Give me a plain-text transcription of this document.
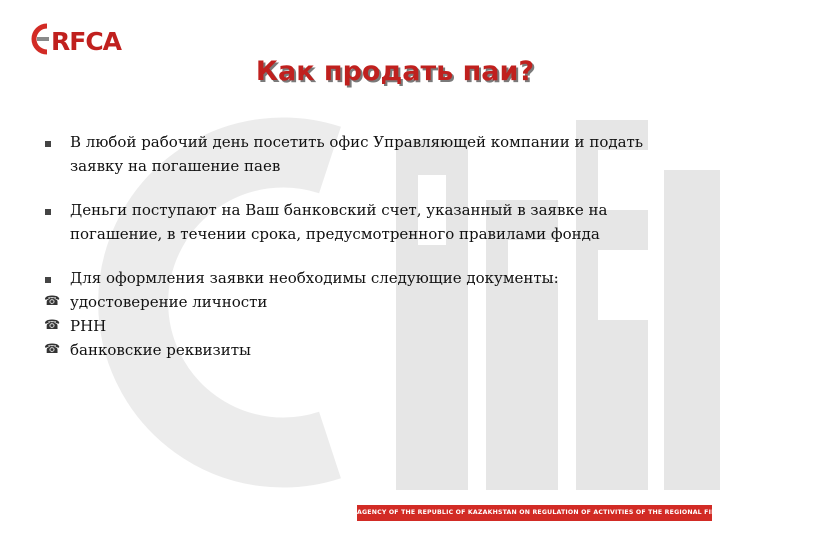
RFCA
Как продать паи?
В любой рабочий день посетить офис Управляющей компании и подать заявку на погашение паев
Деньги поступают на Ваш банковский счет, указанный в заявке на погашение, в течении срока, предусмотренного правилами фонда
Для оформления заявки необходимы следующие документы:
☎ удостоверение личности
☎ РНН
☎ банковские реквизиты
AGENCY OF THE REPUBLIC OF KAZAKHSTAN ON REGULATION OF ACTIVITIES OF THE REGIONAL FINANCIAL CENTRE OF ALMATY CITY
